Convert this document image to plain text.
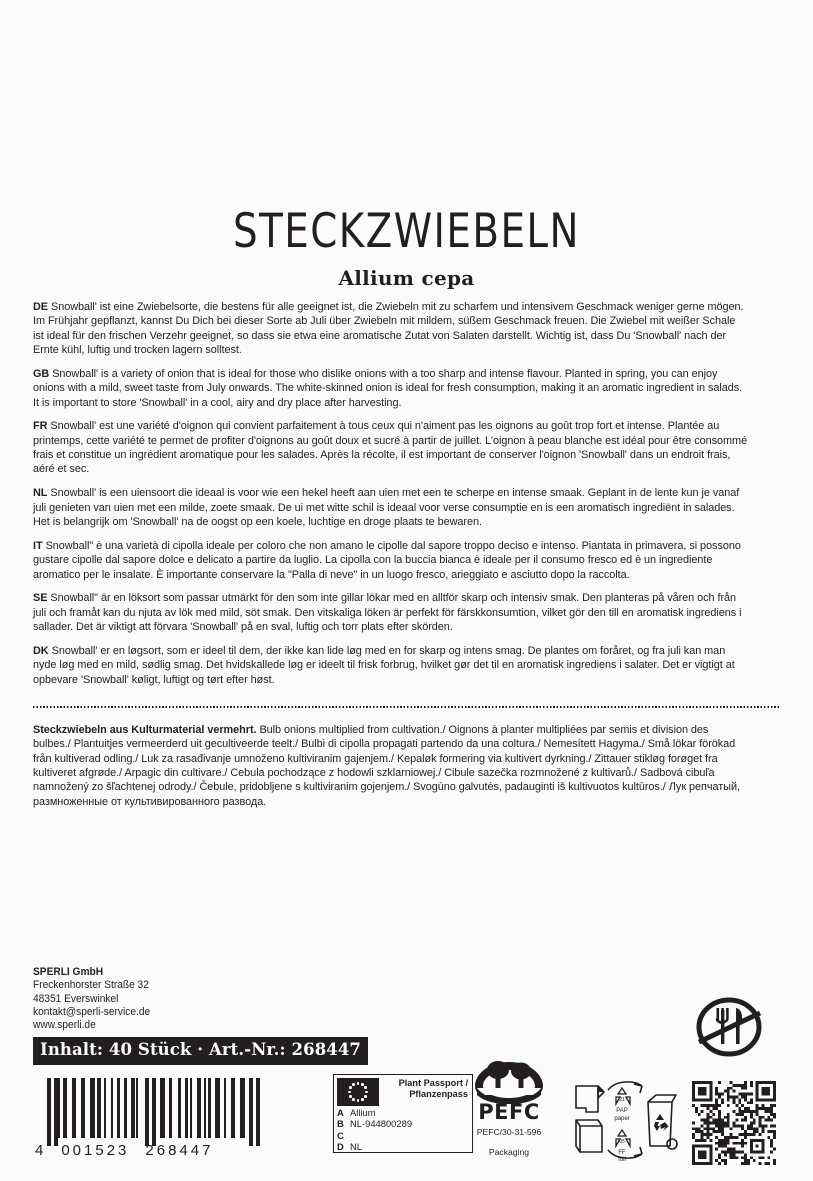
STECKZWIEBELN
Allium cepa

DE Snowball' ist eine Zwiebelsorte, die bestens für alle geeignet ist, die Zwiebeln mit zu scharfem und intensivem Geschmack weniger gerne mögen. Im Frühjahr gepflanzt, kannst Du Dich bei dieser Sorte ab Juli über Zwiebeln mit mildem, süßem Geschmack freuen. Die Zwiebel mit weißer Schale ist ideal für den frischen Verzehr geeignet, so dass sie etwa eine aromatische Zutat von Salaten darstellt. Wichtig ist, dass Du 'Snowball' nach der Ernte kühl, luftig und trocken lagern solltest.

GB Snowball' is a variety of onion that is ideal for those who dislike onions with a too sharp and intense flavour. Planted in spring, you can enjoy onions with a mild, sweet taste from July onwards. The white-skinned onion is ideal for fresh consumption, making it an aromatic ingredient in salads. It is important to store 'Snowball' in a cool, airy and dry place after harvesting.

FR Snowball' est une variété d'oignon qui convient parfaitement à tous ceux qui n'aiment pas les oignons au goût trop fort et intense. Plantée au printemps, cette variété te permet de profiter d'oignons au goût doux et sucré à partir de juillet. L'oignon à peau blanche est idéal pour être consommé frais et constitue un ingrédient aromatique pour les salades. Après la récolte, il est important de conserver l'oignon 'Snowball' dans un endroit frais, aéré et sec.

NL Snowball' is een uiensoort die ideaal is voor wie een hekel heeft aan uien met een te scherpe en intense smaak. Geplant in de lente kun je vanaf juli genieten van uien met een milde, zoete smaak. De ui met witte schil is ideaal voor verse consumptie en is een aromatisch ingrediënt in salades. Het is belangrijk om 'Snowball' na de oogst op een koele, luchtige en droge plaats te bewaren.

IT Snowball" è una varietà di cipolla ideale per coloro che non amano le cipolle dal sapore troppo deciso e intenso. Piantata in primavera, si possono gustare cipolle dal sapore dolce e delicato a partire da luglio. La cipolla con la buccia bianca è ideale per il consumo fresco ed è un ingrediente aromatico per le insalate. È importante conservare la "Palla di neve" in un luogo fresco, arieggiato e asciutto dopo la raccolta.

SE Snowball" är en löksort som passar utmärkt för den som inte gillar lökar med en alltför skarp och intensiv smak. Den planteras på våren och från juli och framåt kan du njuta av lök med mild, söt smak. Den vitskaliga löken är perfekt för färskkonsumtion, vilket gör den till en aromatisk ingrediens i sallader. Det är viktigt att förvara 'Snowball' på en sval, luftig och torr plats efter skörden.

DK Snowball' er en løgsort, som er ideel til dem, der ikke kan lide løg med en for skarp og intens smag. De plantes om foråret, og fra juli kan man nyde løg med en mild, sødlig smag. Det hvidskallede løg er ideelt til frisk forbrug, hvilket gør det til en aromatisk ingrediens i salater. Det er vigtigt at opbevare 'Snowball' køligt, luftigt og tørt efter høst.

Steckzwiebeln aus Kulturmaterial vermehrt. Bulb onions multiplied from cultivation./ Oignons à planter multipliées par semis et division des bulbes./ Plantuitjes vermeerderd uit gecultiveerde teelt./ Bulbi di cipolla propagati partendo da una coltura./ Nemesített Hagyma./ Små lökar förökad från kultiverad odling./ Luk za rasađivanje umnoženo kultiviranim gajenjem./ Kepaløk formering via kultivert dyrkning./ Zittauer stikløg forøget fra kultiveret afgrøde./ Arpagic din cultivare./ Cebula pochodzące z hodowli szklarniowej./ Cibule sazečka rozmnožené z kultivarů./ Sadbová cibuľa namnožený zo šľachtenej odrody./ Čebule, pridobljene s kultiviranim gojenjem./ Svogūno galvutės, padauginti iš kultivuotos kultūros./ Лук репчатый, размноженные от культивированного развода.

SPERLI GmbH
Freckenhorster Straße 32
48351 Everswinkel
kontakt@sperli-service.de
www.sperli.de
Inhalt: 40 Stück · Art.-Nr.: 268447
4 001523 268447
Plant Passport /
Pflanzenpass
A Allium
B NL-944800289
C
D NL
PEFC
PEFC/30-31-596
Packaging
21
PAP
paper
05
FF
foil
